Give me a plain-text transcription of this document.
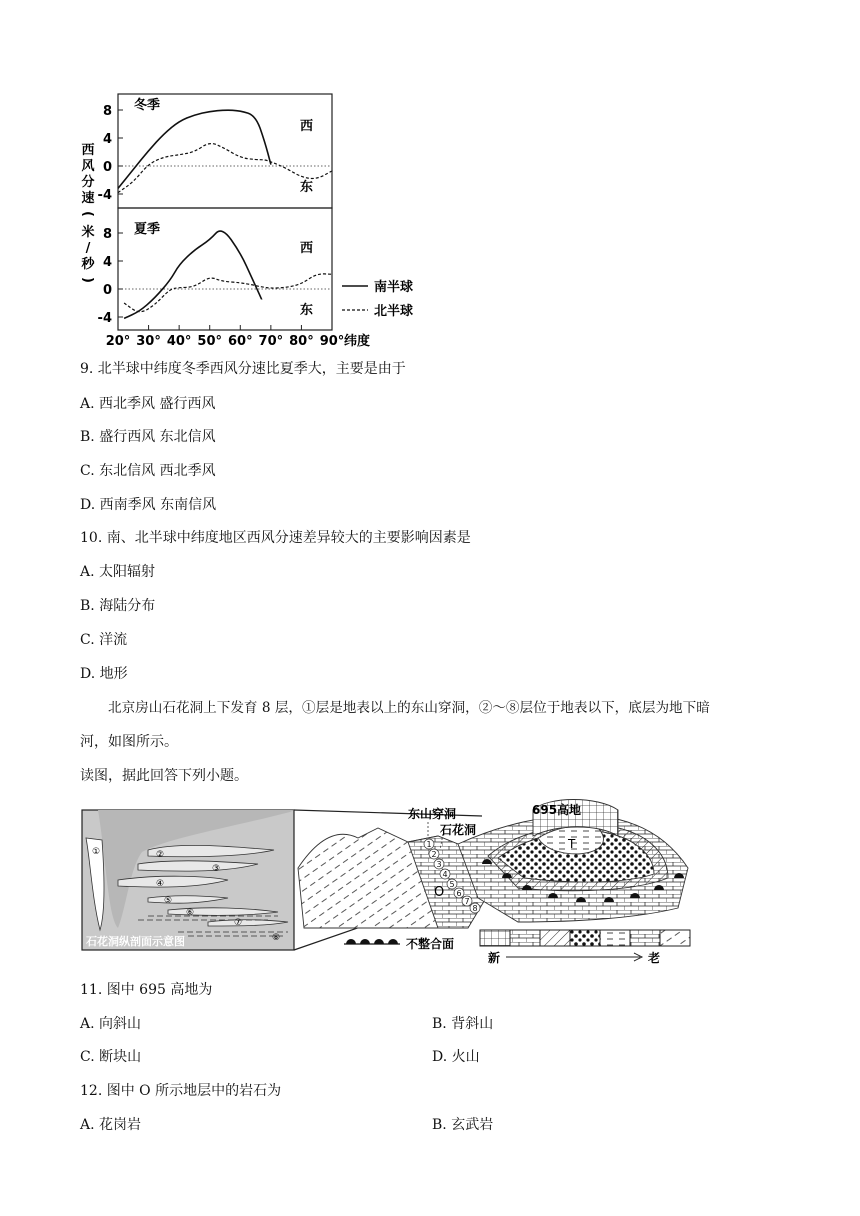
8
4
0
-4
8
4
0
-4
西
风
分
速
(
米
/
秒
)
冬季
西
东
夏季
西
东
20° 30° 40° 50° 60° 70° 80° 90° 纬度
南半球
北半球
9. 北半球中纬度冬季西风分速比夏季大，主要是由于
A. 西北季风 盛行西风
B. 盛行西风 东北信风
C. 东北信风 西北季风
D. 西南季风 东南信风
10. 南、北半球中纬度地区西风分速差异较大的主要影响因素是
A. 太阳辐射
B. 海陆分布
C. 洋流
D. 地形
北京房山石花洞上下发育 8 层，①层是地表以上的东山穿洞，②～⑧层位于地表以下，底层为地下暗
河，如图所示。
读图，据此回答下列小题。
①	②
③
④
⑤
⑥
⑦
⑧
石花洞纵剖面示意图
1
2
3
4
5
6
7
8
东山穿洞
石花洞
695高地
T
O
不整合面
新	老
11. 图中 695 高地为
A. 向斜山	B. 背斜山
C. 断块山	D. 火山
12. 图中 O 所示地层中的岩石为
A. 花岗岩	B. 玄武岩
